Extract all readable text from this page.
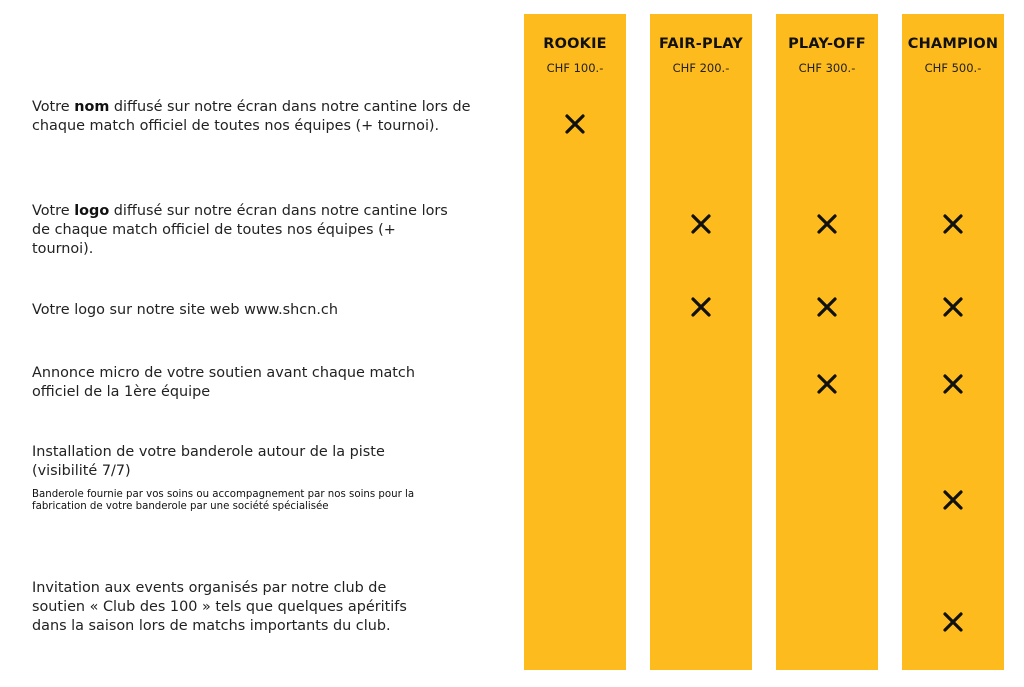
ROOKIE
CHF 100.-
FAIR-PLAY
CHF 200.-
PLAY-OFF
CHF 300.-
CHAMPION
CHF 500.-
Votre nom diffusé sur notre écran dans notre cantine lors de chaque match officiel de toutes nos équipes (+ tournoi).
Votre logo diffusé sur notre écran dans notre cantine lors de chaque match officiel de toutes nos équipes (+ tournoi).
Votre logo sur notre site web www.shcn.ch
Annonce micro de votre soutien avant chaque match officiel de la 1ère équipe
Installation de votre banderole autour de la piste (visibilité 7/7)
Banderole fournie par vos soins ou accompagnement par nos soins pour la fabrication de votre banderole par une société spécialisée
Invitation aux events organisés par notre club de soutien « Club des 100 » tels que quelques apéritifs dans la saison lors de matchs importants du club.
